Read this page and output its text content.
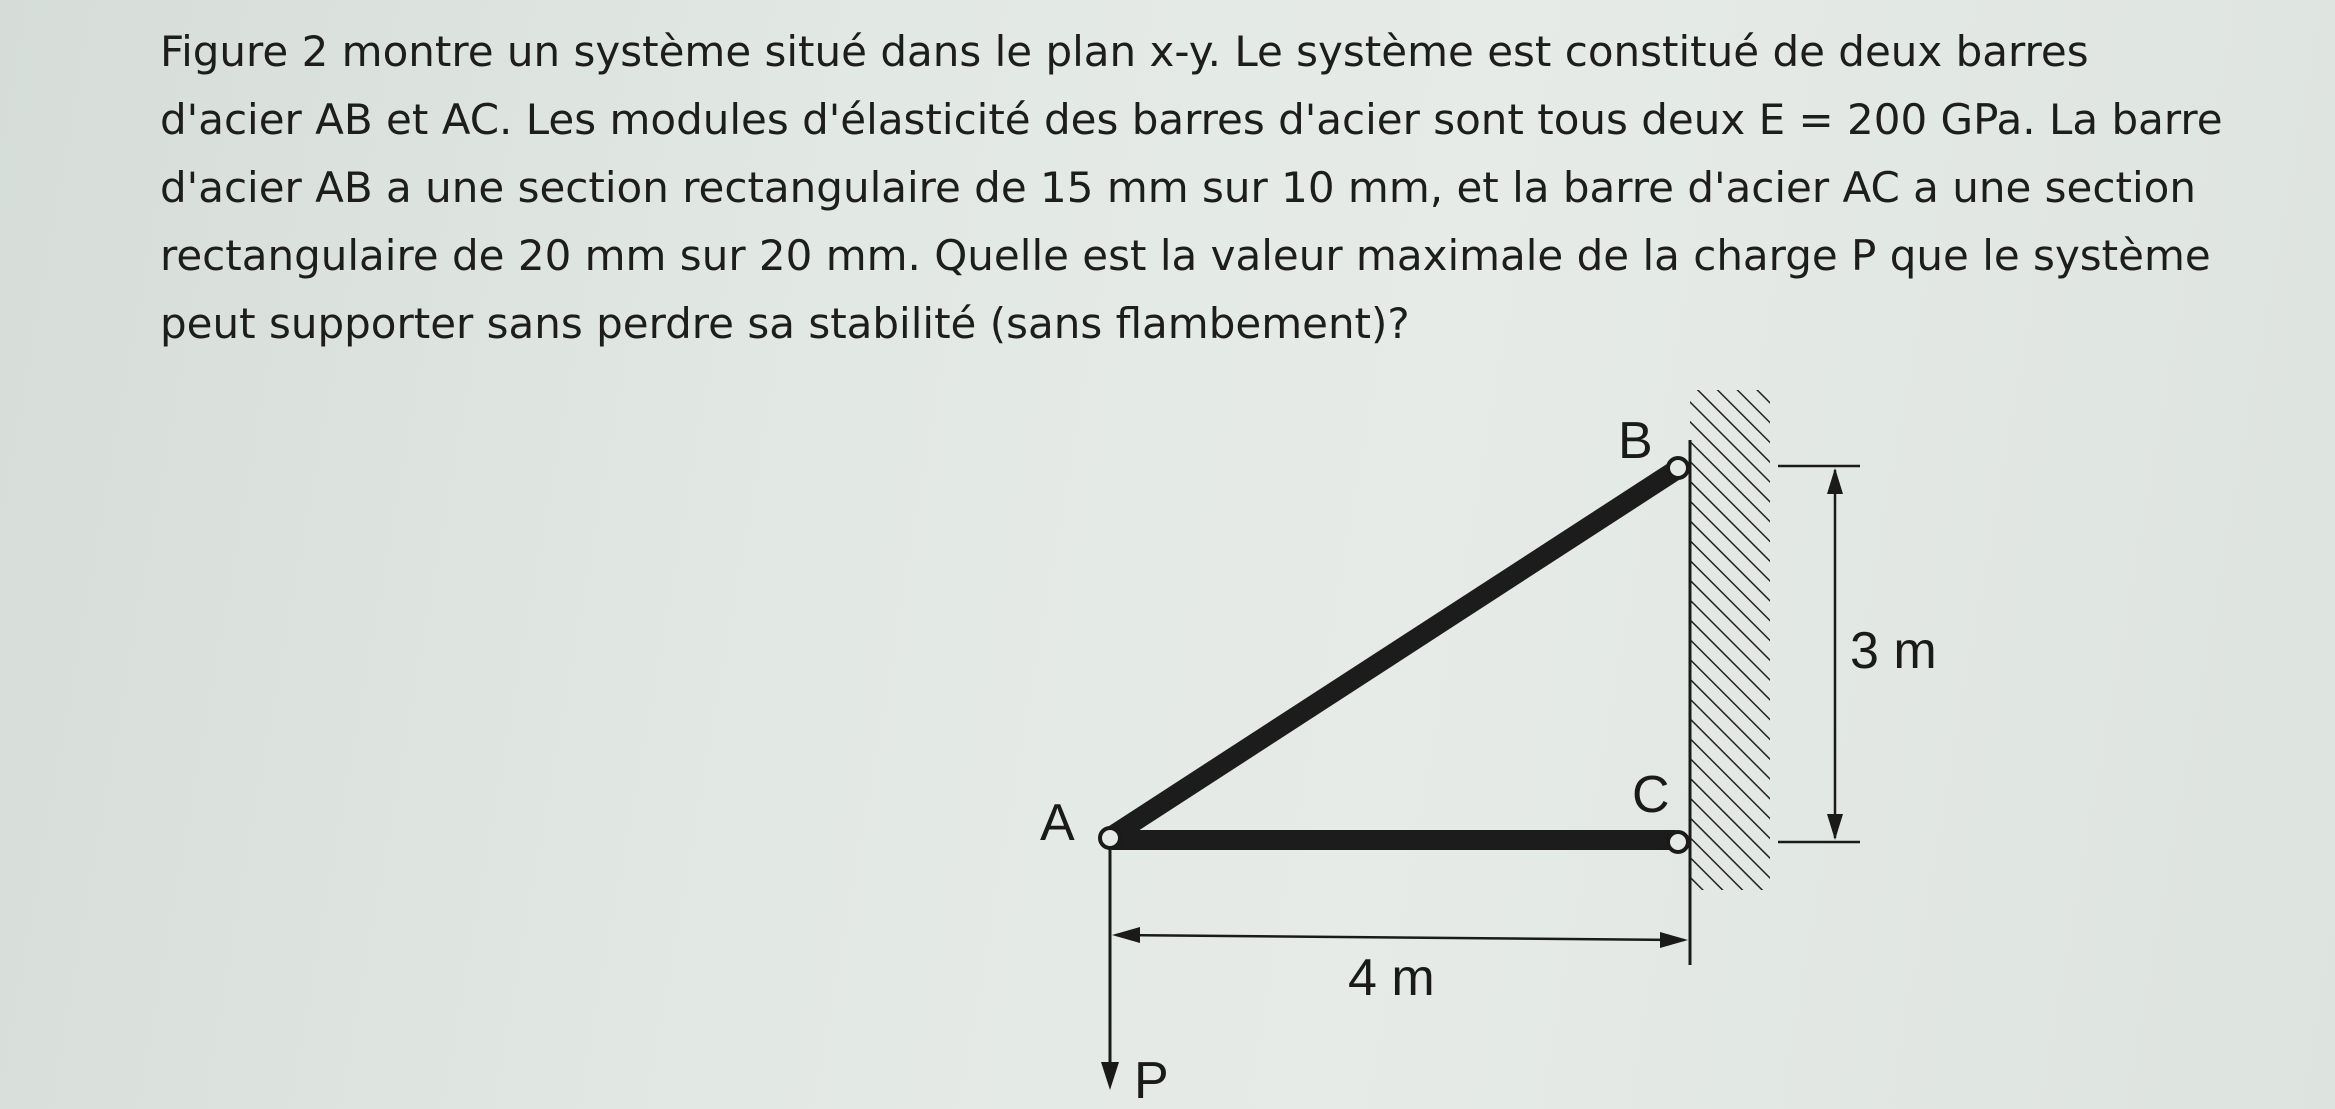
Figure 2 montre un système situé dans le plan x-y. Le système est constitué de deux barres
d'acier AB et AC. Les modules d'élasticité des barres d'acier sont tous deux E = 200 GPa. La barre
d'acier AB a une section rectangulaire de 15 mm sur 10 mm, et la barre d'acier AC a une section
rectangulaire de 20 mm sur 20 mm. Quelle est la valeur maximale de la charge P que le système
peut supporter sans perdre sa stabilité (sans flambement)?
B
C
A
P
3 m
4 m
